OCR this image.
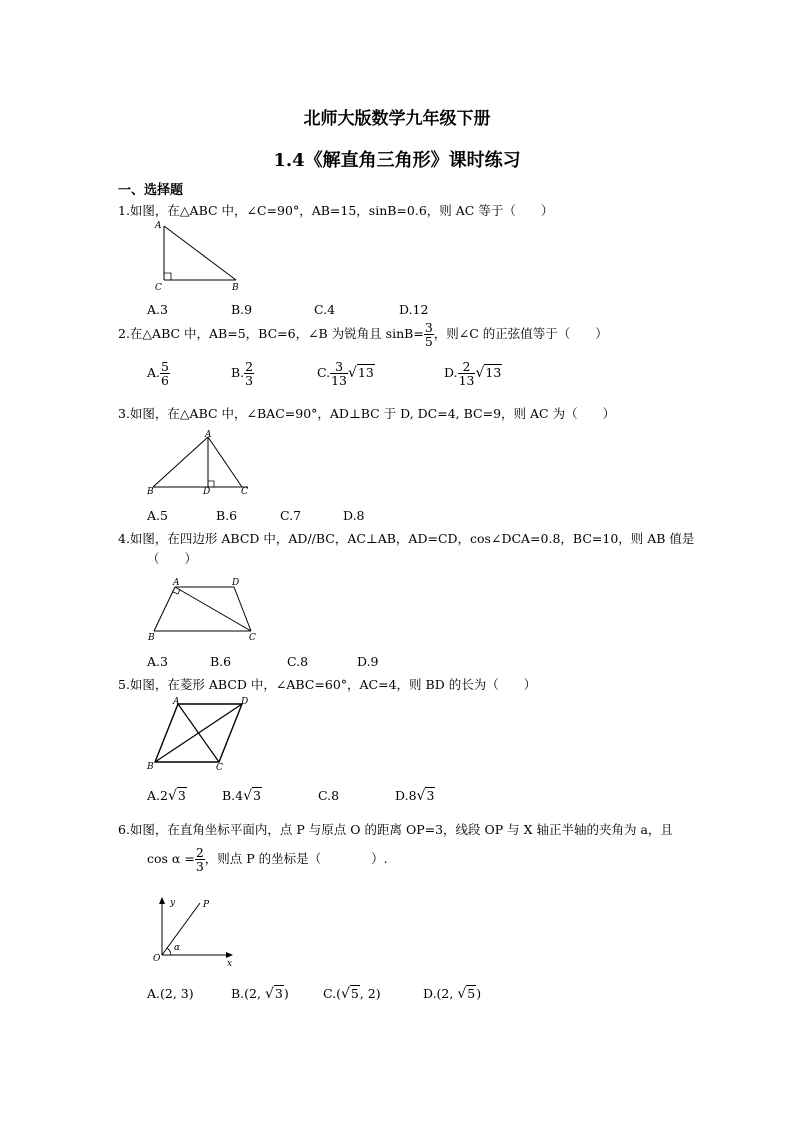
北师大版数学九年级下册
1.4《解直角三角形》课时练习
一、选择题
1.如图，在△ABC 中，∠C=90°，AB=15，sinB=0.6，则 AC 等于（　　）
A
C	B
A.3	B.9	C.4	D.12
2.在△ABC 中，AB=5，BC=6，∠B 为锐角且 $\sin B= \frac{3}{5}$ ，则∠C 的正弦值等于（　　）
A. $\frac{5}{6}$	B. $\frac{2}{3}$	C. $\frac{3}{13} √13$	D. $\frac{2}{13} √13$
3.如图，在△ABC 中，∠BAC=90°，AD⊥BC 于 D, DC=4, BC=9，则 AC 为（　　）
A
B	D	C
A.5	B.6	C.7	D.8
4.如图，在四边形 ABCD 中，AD//BC，AC⊥AB，AD=CD，cos∠DCA=0.8，BC=10，则 AB 值是
（　　）
A	D
B	C
A.3	B.6	C.8	D.9
5.如图，在菱形 ABCD 中，∠ABC=60°，AC=4，则 BD 的长为（　　）
A	D
B	C
A.2√3	B.4√3	C.8	D.8√3
6.如图，在直角坐标平面内，点 P 与原点 O 的距离 OP=3，线段 OP 与 X 轴正半轴的夹角为 a，且
$\cos \alpha = \frac{2}{3}$ ，则点 P 的坐标是（　　　　）.
y	P
O	x
α
A.(2, 3)	B.(2, √3)	C.(√5, 2)	D.(2, √5)
